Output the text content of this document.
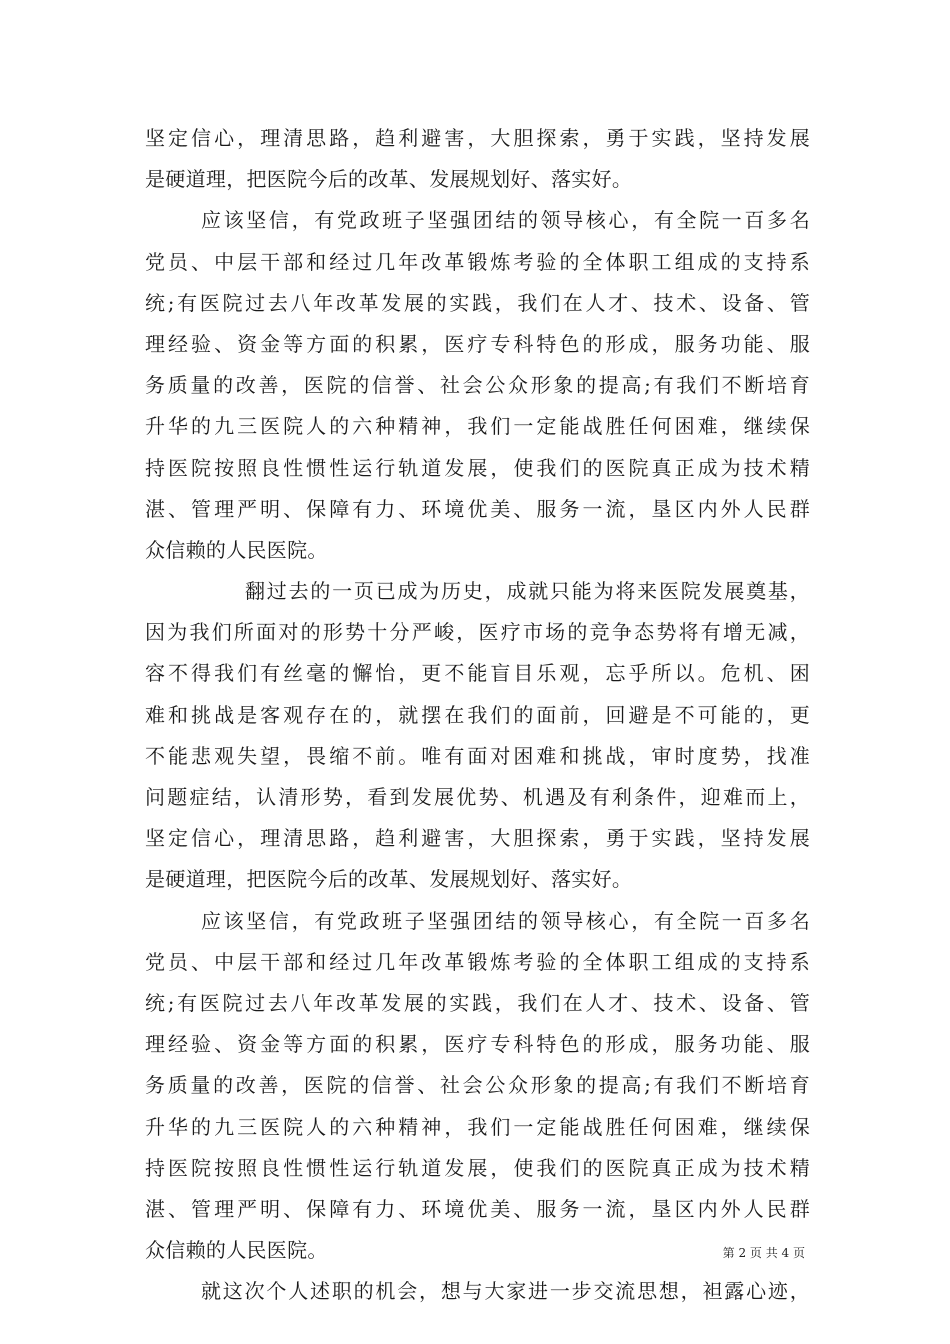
坚定信心，理清思路，趋利避害，大胆探索，勇于实践，坚持发展
是硬道理，把医院今后的改革、发展规划好、落实好。
应该坚信，有党政班子坚强团结的领导核心，有全院一百多名
党员、中层干部和经过几年改革锻炼考验的全体职工组成的支持系
统;有医院过去八年改革发展的实践，我们在人才、技术、设备、管
理经验、资金等方面的积累，医疗专科特色的形成，服务功能、服
务质量的改善，医院的信誉、社会公众形象的提高;有我们不断培育
升华的九三医院人的六种精神，我们一定能战胜任何困难，继续保
持医院按照良性惯性运行轨道发展，使我们的医院真正成为技术精
湛、管理严明、保障有力、环境优美、服务一流，垦区内外人民群
众信赖的人民医院。
翻过去的一页已成为历史，成就只能为将来医院发展奠基，
因为我们所面对的形势十分严峻，医疗市场的竞争态势将有增无减，
容不得我们有丝毫的懈怡，更不能盲目乐观，忘乎所以。危机、困
难和挑战是客观存在的，就摆在我们的面前，回避是不可能的，更
不能悲观失望，畏缩不前。唯有面对困难和挑战，审时度势，找准
问题症结，认清形势，看到发展优势、机遇及有利条件，迎难而上，
坚定信心，理清思路，趋利避害，大胆探索，勇于实践，坚持发展
是硬道理，把医院今后的改革、发展规划好、落实好。
应该坚信，有党政班子坚强团结的领导核心，有全院一百多名
党员、中层干部和经过几年改革锻炼考验的全体职工组成的支持系
统;有医院过去八年改革发展的实践，我们在人才、技术、设备、管
理经验、资金等方面的积累，医疗专科特色的形成，服务功能、服
务质量的改善，医院的信誉、社会公众形象的提高;有我们不断培育
升华的九三医院人的六种精神，我们一定能战胜任何困难，继续保
持医院按照良性惯性运行轨道发展，使我们的医院真正成为技术精
湛、管理严明、保障有力、环境优美、服务一流，垦区内外人民群
众信赖的人民医院。
就这次个人述职的机会，想与大家进一步交流思想，袒露心迹，
第 2 页 共 4 页
